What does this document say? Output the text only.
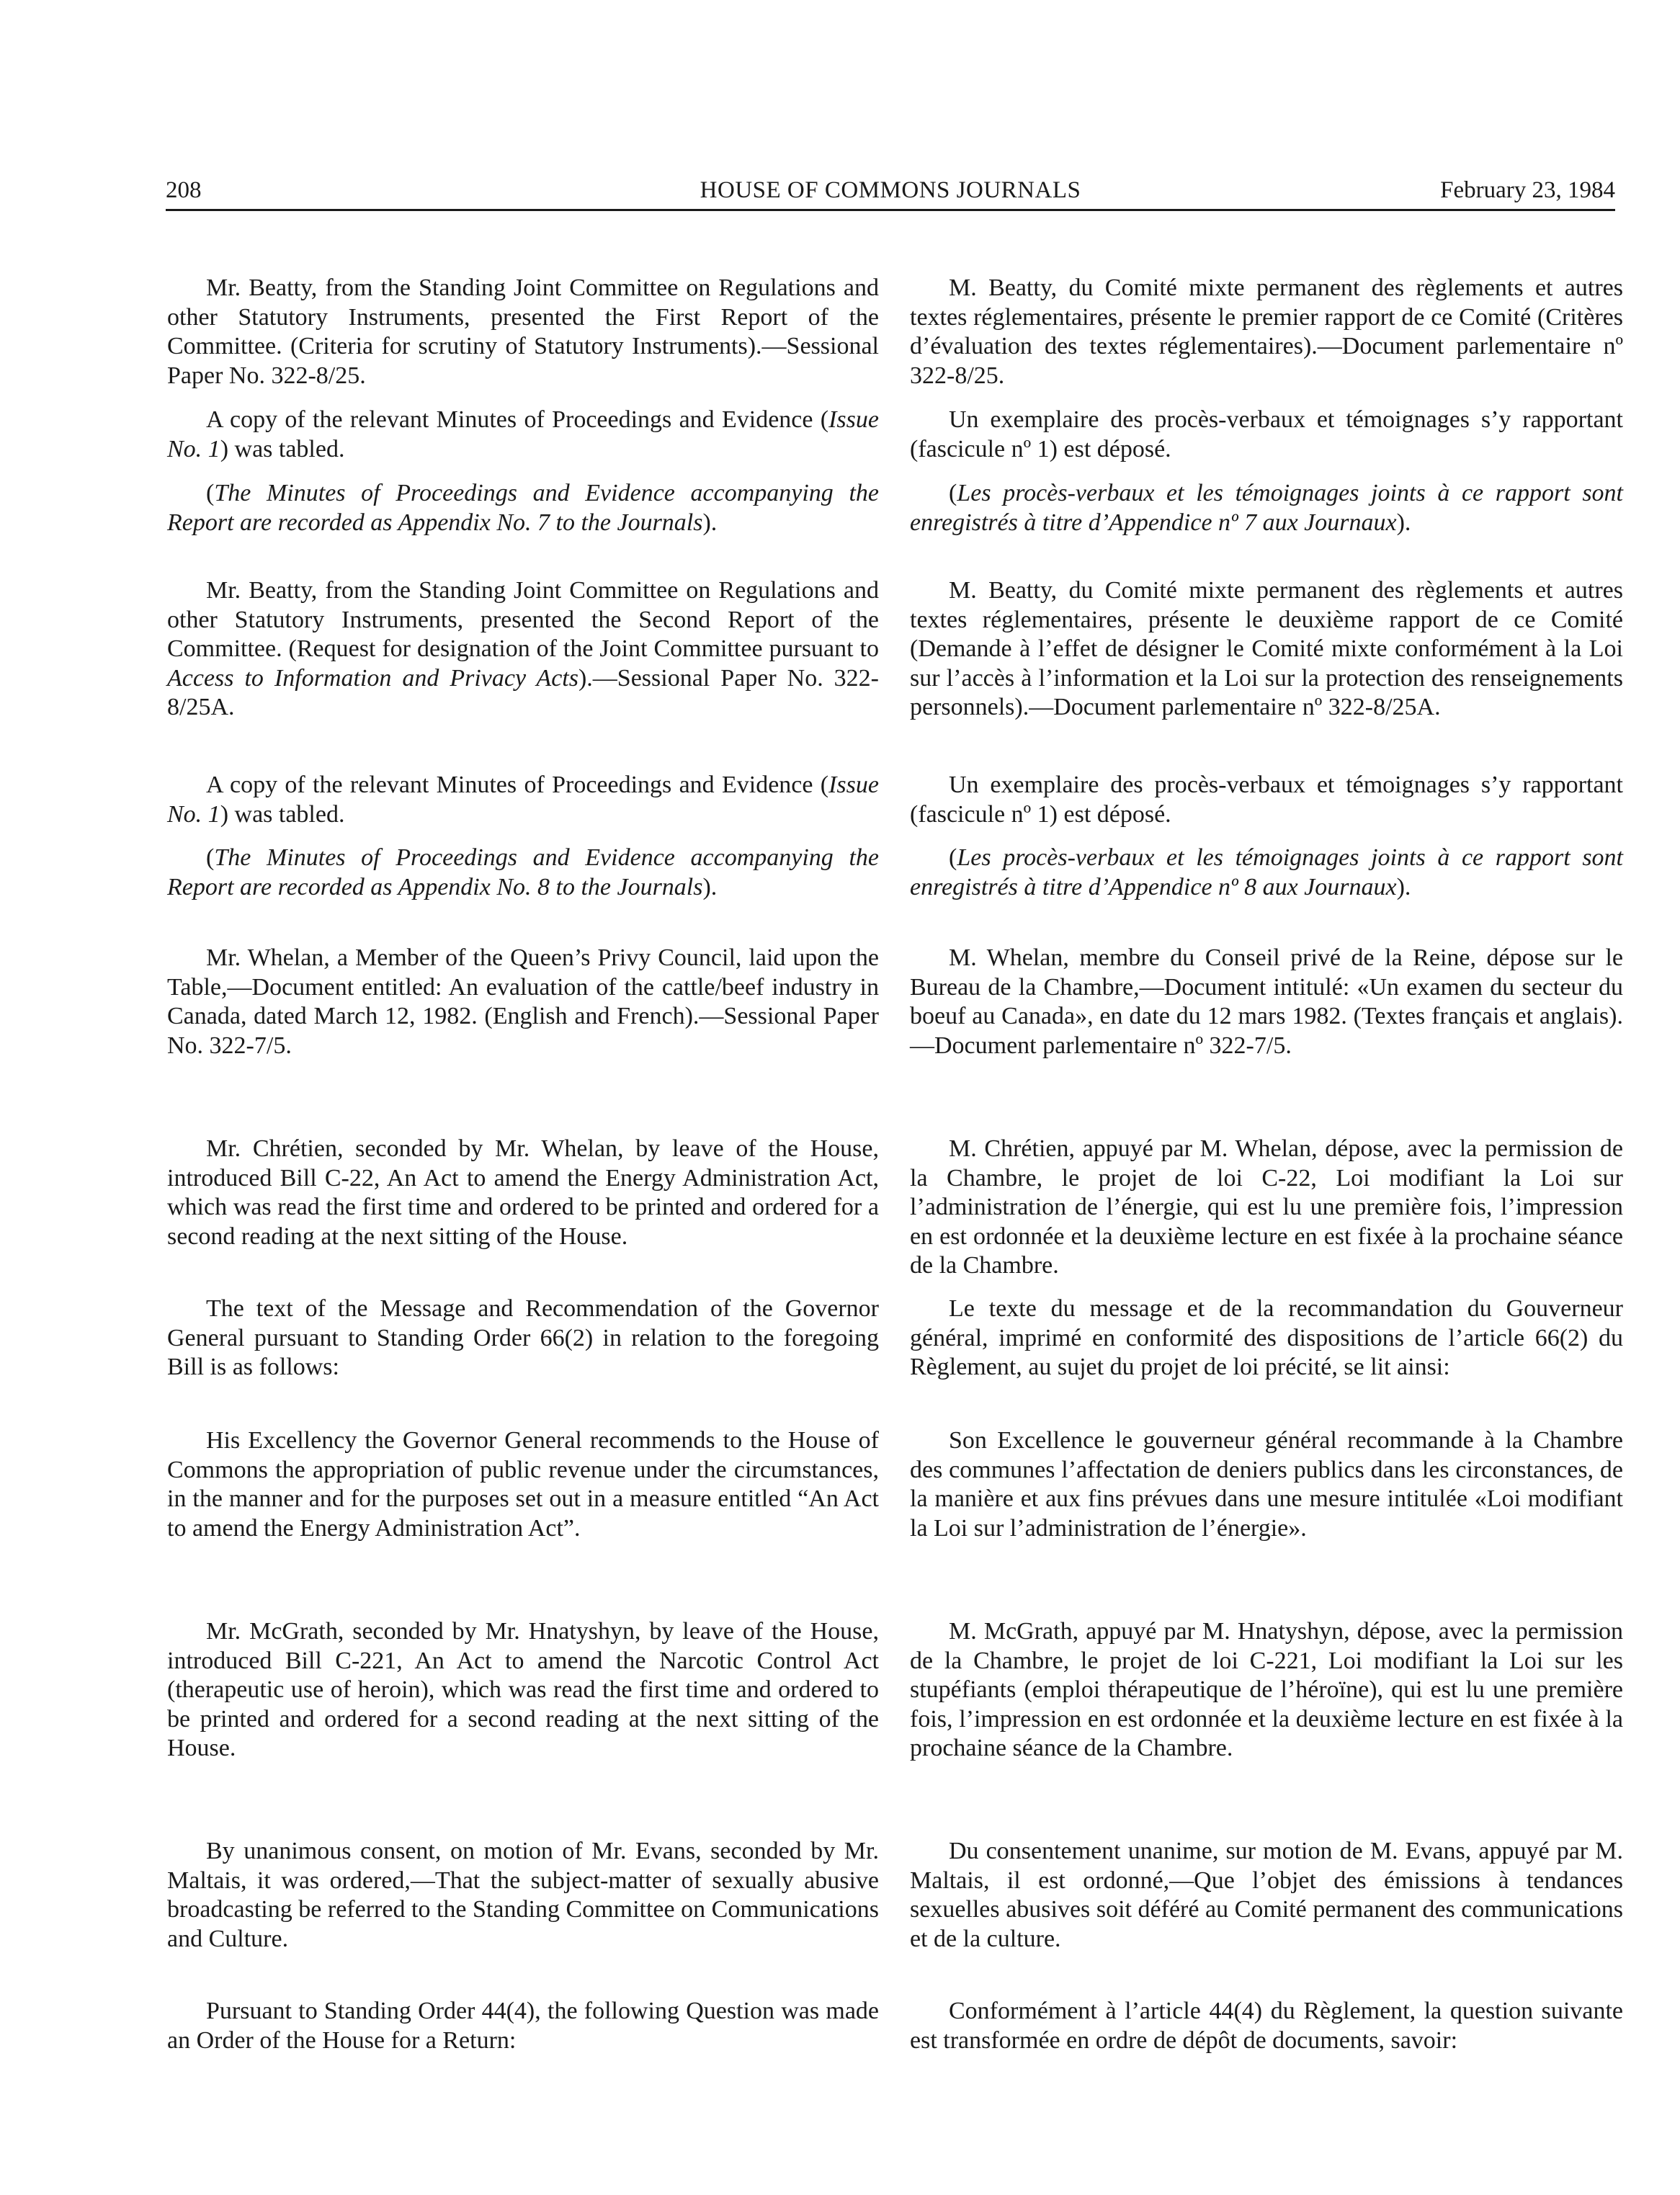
HOUSE OF COMMONS JOURNALS
208	February 23, 1984

Mr. Beatty, from the Standing Joint Committee on Regulations and other Statutory Instruments, presented the First Report of the Committee. (Criteria for scrutiny of Statutory Instruments).—Sessional Paper No. 322-8/25.

A copy of the relevant Minutes of Proceedings and Evidence (Issue No. 1) was tabled.

(The Minutes of Proceedings and Evidence accompanying the Report are recorded as Appendix No. 7 to the Journals).

Mr. Beatty, from the Standing Joint Committee on Regulations and other Statutory Instruments, presented the Second Report of the Committee. (Request for designation of the Joint Committee pursuant to Access to Information and Privacy Acts).—Sessional Paper No. 322-8/25A.

A copy of the relevant Minutes of Proceedings and Evidence (Issue No. 1) was tabled.

(The Minutes of Proceedings and Evidence accompanying the Report are recorded as Appendix No. 8 to the Journals).

Mr. Whelan, a Member of the Queen’s Privy Council, laid upon the Table,—Document entitled: An evaluation of the cattle/beef industry in Canada, dated March 12, 1982. (English and French).—Sessional Paper No. 322-7/5.

Mr. Chrétien, seconded by Mr. Whelan, by leave of the House, introduced Bill C-22, An Act to amend the Energy Administration Act, which was read the first time and ordered to be printed and ordered for a second reading at the next sitting of the House.

The text of the Message and Recommendation of the Governor General pursuant to Standing Order 66(2) in relation to the foregoing Bill is as follows:

His Excellency the Governor General recommends to the House of Commons the appropriation of public revenue under the circumstances, in the manner and for the purposes set out in a measure entitled “An Act to amend the Energy Administration Act”.

Mr. McGrath, seconded by Mr. Hnatyshyn, by leave of the House, introduced Bill C-221, An Act to amend the Narcotic Control Act (therapeutic use of heroin), which was read the first time and ordered to be printed and ordered for a second reading at the next sitting of the House.

By unanimous consent, on motion of Mr. Evans, seconded by Mr. Maltais, it was ordered,—That the subject-matter of sexually abusive broadcasting be referred to the Standing Committee on Communications and Culture.

Pursuant to Standing Order 44(4), the following Question was made an Order of the House for a Return:

M. Beatty, du Comité mixte permanent des règlements et autres textes réglementaires, présente le premier rapport de ce Comité (Critères d’évaluation des textes réglementaires).—Document parlementaire nº 322-8/25.

Un exemplaire des procès-verbaux et témoignages s’y rapportant (fascicule nº 1) est déposé.

(Les procès-verbaux et les témoignages joints à ce rapport sont enregistrés à titre d’Appendice nº 7 aux Journaux).

M. Beatty, du Comité mixte permanent des règlements et autres textes réglementaires, présente le deuxième rapport de ce Comité (Demande à l’effet de désigner le Comité mixte conformément à la Loi sur l’accès à l’information et la Loi sur la protection des renseignements personnels).—Document parlementaire nº 322-8/25A.

Un exemplaire des procès-verbaux et témoignages s’y rapportant (fascicule nº 1) est déposé.

(Les procès-verbaux et les témoignages joints à ce rapport sont enregistrés à titre d’Appendice nº 8 aux Journaux).

M. Whelan, membre du Conseil privé de la Reine, dépose sur le Bureau de la Chambre,—Document intitulé: «Un examen du secteur du boeuf au Canada», en date du 12 mars 1982. (Textes français et anglais).—Document parlementaire nº 322-7/5.

M. Chrétien, appuyé par M. Whelan, dépose, avec la permission de la Chambre, le projet de loi C-22, Loi modifiant la Loi sur l’administration de l’énergie, qui est lu une première fois, l’impression en est ordonnée et la deuxième lecture en est fixée à la prochaine séance de la Chambre.

Le texte du message et de la recommandation du Gouverneur général, imprimé en conformité des dispositions de l’article 66(2) du Règlement, au sujet du projet de loi précité, se lit ainsi:

Son Excellence le gouverneur général recommande à la Chambre des communes l’affectation de deniers publics dans les circonstances, de la manière et aux fins prévues dans une mesure intitulée «Loi modifiant la Loi sur l’administration de l’énergie».

M. McGrath, appuyé par M. Hnatyshyn, dépose, avec la permission de la Chambre, le projet de loi C-221, Loi modifiant la Loi sur les stupéfiants (emploi thérapeutique de l’héroïne), qui est lu une première fois, l’impression en est ordonnée et la deuxième lecture en est fixée à la prochaine séance de la Chambre.

Du consentement unanime, sur motion de M. Evans, appuyé par M. Maltais, il est ordonné,—Que l’objet des émissions à tendances sexuelles abusives soit déféré au Comité permanent des communications et de la culture.

Conformément à l’article 44(4) du Règlement, la question suivante est transformée en ordre de dépôt de documents, savoir:
